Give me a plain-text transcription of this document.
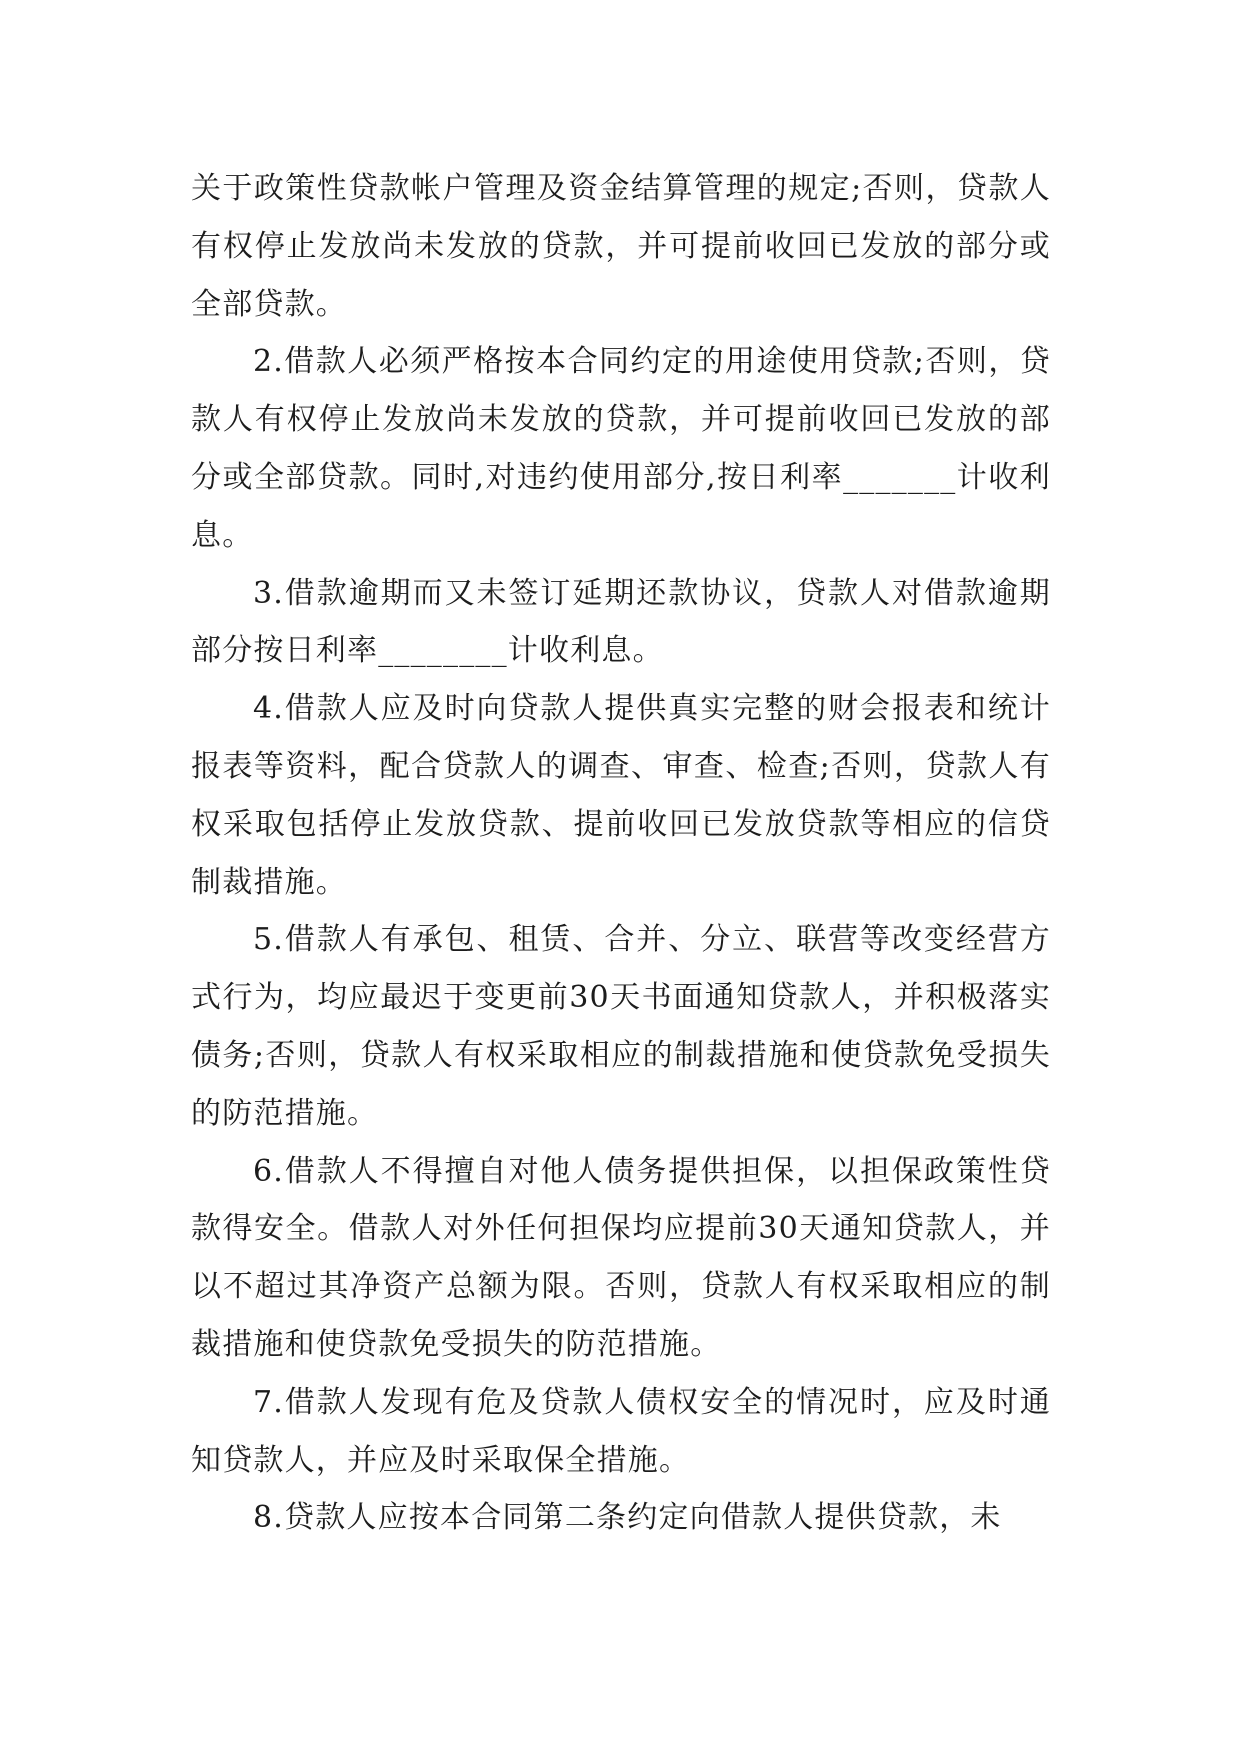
关于政策性贷款帐户管理及资金结算管理的规定;否则，贷款人有权停止发放尚未发放的贷款，并可提前收回已发放的部分或全部贷款。

2.借款人必须严格按本合同约定的用途使用贷款;否则，贷款人有权停止发放尚未发放的贷款，并可提前收回已发放的部分或全部贷款。同时,对违约使用部分,按日利率_______计收利息。

3.借款逾期而又未签订延期还款协议，贷款人对借款逾期部分按日利率________计收利息。

4.借款人应及时向贷款人提供真实完整的财会报表和统计报表等资料，配合贷款人的调查、审查、检查;否则，贷款人有权采取包括停止发放贷款、提前收回已发放贷款等相应的信贷制裁措施。

5.借款人有承包、租赁、合并、分立、联营等改变经营方式行为，均应最迟于变更前30天书面通知贷款人，并积极落实债务;否则，贷款人有权采取相应的制裁措施和使贷款免受损失的防范措施。

6.借款人不得擅自对他人债务提供担保，以担保政策性贷款得安全。借款人对外任何担保均应提前30天通知贷款人，并以不超过其净资产总额为限。否则，贷款人有权采取相应的制裁措施和使贷款免受损失的防范措施。

7.借款人发现有危及贷款人债权安全的情况时，应及时通知贷款人，并应及时采取保全措施。

8.贷款人应按本合同第二条约定向借款人提供贷款，未
